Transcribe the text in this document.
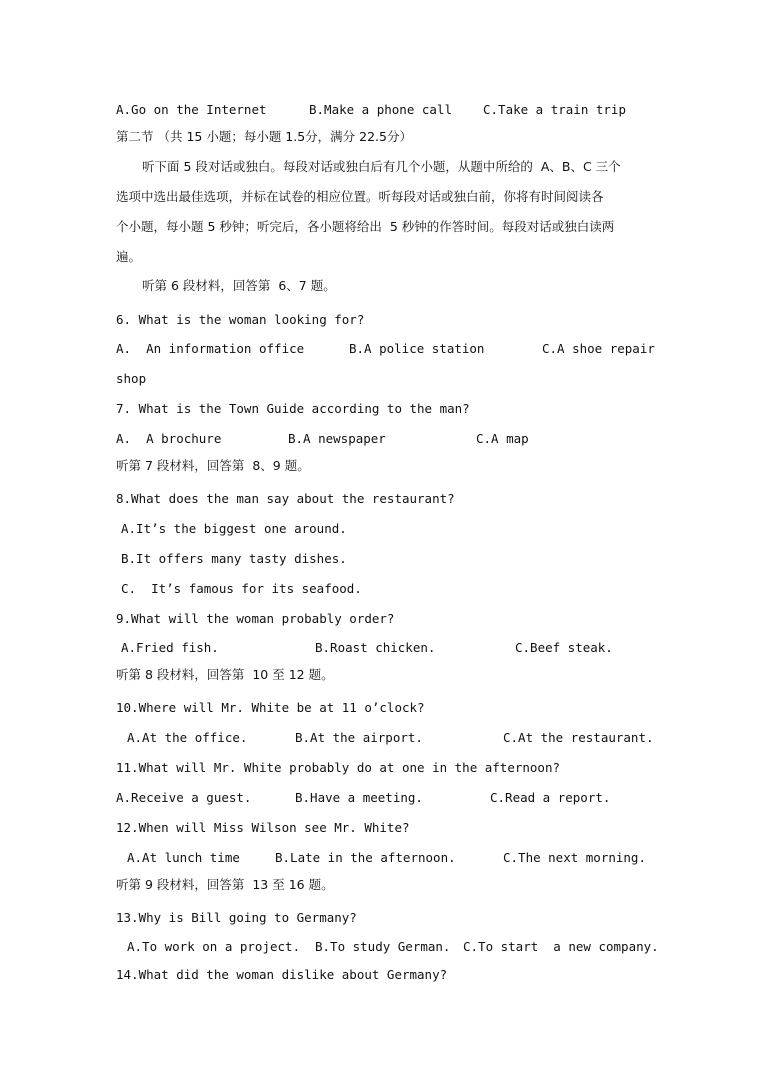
A.Go on the Internet	B.Make a phone call C.Take a train trip
第二节 （共 15 小题；每小题 1.5分，满分 22.5分）
听下面 5 段对话或独白。每段对话或独白后有几个小题，从题中所给的  A、B、C 三个
选项中选出最佳选项，并标在试卷的相应位置。听每段对话或独白前，你将有时间阅读各
个小题，每小题 5 秒钟；听完后，各小题将给出  5 秒钟的作答时间。每段对话或独白读两
遍。
听第 6 段材料，回答第  6、7 题。
6. What is the woman looking for?
A.  An information office	B.A police station	C.A shoe repair
shop
7. What is the Town Guide according to the man?
A.  A brochure	B.A newspaper	C.A map
听第 7 段材料，回答第  8、9 题。
8.What does the man say about the restaurant?
A.It’s the biggest one around.
B.It offers many tasty dishes.
C.  It’s famous for its seafood.
9.What will the woman probably order?
A.Fried fish.	B.Roast chicken.	C.Beef steak.
听第 8 段材料，回答第  10 至 12 题。
10.Where will Mr. White be at 11 o’clock?
A.At the office.	B.At the airport.	C.At the restaurant.
11.What will Mr. White probably do at one in the afternoon?
A.Receive a guest.	B.Have a meeting.	C.Read a report.
12.When will Miss Wilson see Mr. White?
A.At lunch time	B.Late in the afternoon.	C.The next morning.
听第 9 段材料，回答第  13 至 16 题。
13.Why is Bill going to Germany?
A.To work on a project. B.To study German. C.To start  a new company.
14.What did the woman dislike about Germany?
